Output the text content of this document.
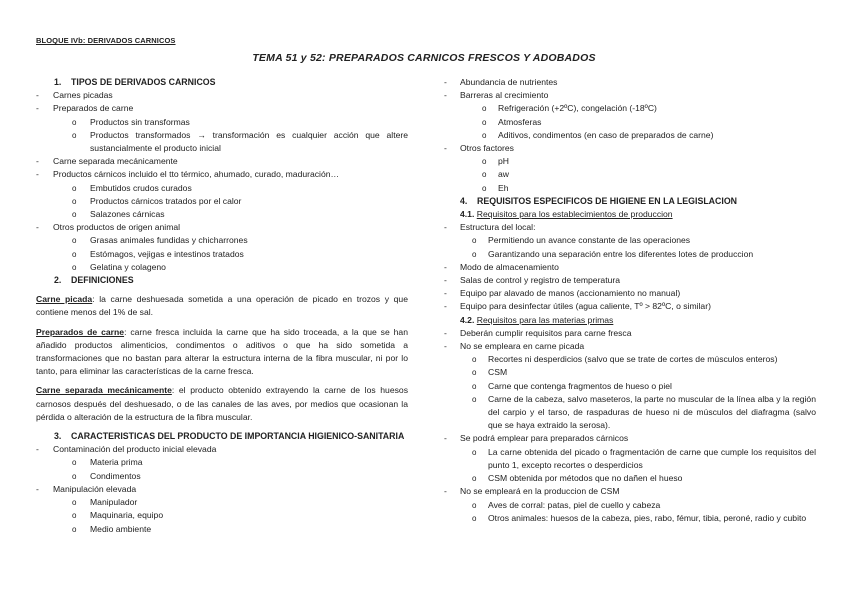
BLOQUE IVb: DERIVADOS CARNICOS
TEMA 51 y 52: PREPARADOS CARNICOS FRESCOS Y ADOBADOS
1. TIPOS DE DERIVADOS CARNICOS
- Carnes picadas
- Preparados de carne
o Productos sin transformas
o Productos transformados → transformación es cualquier acción que altere sustancialmente el producto inicial
- Carne separada mecánicamente
- Productos cárnicos incluido el tto térmico, ahumado, curado, maduración…
o Embutidos crudos curados
o Productos cárnicos tratados por el calor
o Salazones cárnicas
- Otros productos de origen animal
o Grasas animales fundidas y chicharrones
o Estómagos, vejigas e intestinos tratados
o Gelatina y colageno
2. DEFINICIONES
Carne picada: la carne deshuesada sometida a una operación de picado en trozos y que contiene menos del 1% de sal.
Preparados de carne: carne fresca incluida la carne que ha sido troceada, a la que se han añadido productos alimenticios, condimentos o aditivos o que ha sido sometida a transformaciones que no bastan para alterar la estructura interna de la fibra muscular, ni por lo tanto, para eliminar las características de la carne fresca.
Carne separada mecánicamente: el producto obtenido extrayendo la carne de los huesos carnosos después del deshuesado, o de las canales de las aves, por medios que ocasionan la pérdida o alteración de la estructura de la fibra muscular.
3. CARACTERISTICAS DEL PRODUCTO DE IMPORTANCIA HIGIENICO-SANITARIA
- Contaminación del producto inicial elevada
o Materia prima
o Condimentos
- Manipulación elevada
o Manipulador
o Maquinaria, equipo
o Medio ambiente
- Abundancia de nutrientes
- Barreras al crecimiento
o Refrigeración (+2ºC), congelación (-18ºC)
o Atmosferas
o Aditivos, condimentos (en caso de preparados de carne)
- Otros factores
o pH
o aw
o Eh
4. REQUISITOS ESPECIFICOS DE HIGIENE EN LA LEGISLACION
4.1. Requisitos para los establecimientos de produccion
- Estructura del local:
o Permitiendo un avance constante de las operaciones
o Garantizando una separación entre los diferentes lotes de produccion
- Modo de almacenamiento
- Salas de control y registro de temperatura
- Equipo par alavado de manos (accionamiento no manual)
- Equipo para desinfectar útiles (agua caliente, Tº > 82ºC, o similar)
4.2. Requisitos para las materias primas
- Deberán cumplir requisitos para carne fresca
- No se empleara en carne picada
o Recortes ni desperdicios (salvo que se trate de cortes de músculos enteros)
o CSM
o Carne que contenga fragmentos de hueso o piel
o Carne de la cabeza, salvo maseteros, la parte no muscular de la línea alba y la región del carpio y el tarso, de raspaduras de hueso ni de músculos del diafragma (salvo que se haya extraido la serosa).
- Se podrá emplear para preparados cárnicos
o La carne obtenida del picado o fragmentación de carne que cumple los requisitos del punto 1, excepto recortes o desperdicios
o CSM obtenida por métodos que no dañen el hueso
- No se empleará en la produccion de CSM
o Aves de corral: patas, piel de cuello y cabeza
o Otros animales: huesos de la cabeza, pies, rabo, fémur, tibia, peroné, radio y cubito
